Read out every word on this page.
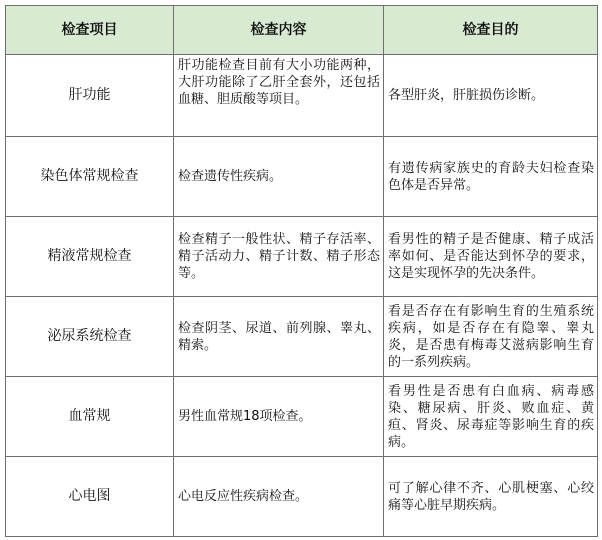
检查项目	检查内容	检查目的
肝功能	肝功能检查目前有大小功能两种，大肝功能除了乙肝全套外，还包括血糖、胆质酸等项目。	各型肝炎，肝脏损伤诊断。
染色体常规检查	检查遗传性疾病。	有遗传病家族史的育龄夫妇检查染色体是否异常。
精液常规检查	检查精子一般性状、精子存活率、精子活动力、精子计数、精子形态等。	看男性的精子是否健康、精子成活率如何、是否能达到怀孕的要求，这是实现怀孕的先决条件。
泌尿系统检查	检查阴茎、尿道、前列腺、睾丸、精索。	看是否存在有影响生育的生殖系统疾病，如是否存在有隐睾、睾丸炎，是否患有梅毒艾滋病影响生育的一系列疾病。
血常规	男性血常规18项检查。	看男性是否患有白血病、病毒感染、糖尿病、肝炎、败血症、黄疸、肾炎、尿毒症等影响生育的疾病。
心电图	心电反应性疾病检查。	可了解心律不齐、心肌梗塞、心绞痛等心脏早期疾病。
